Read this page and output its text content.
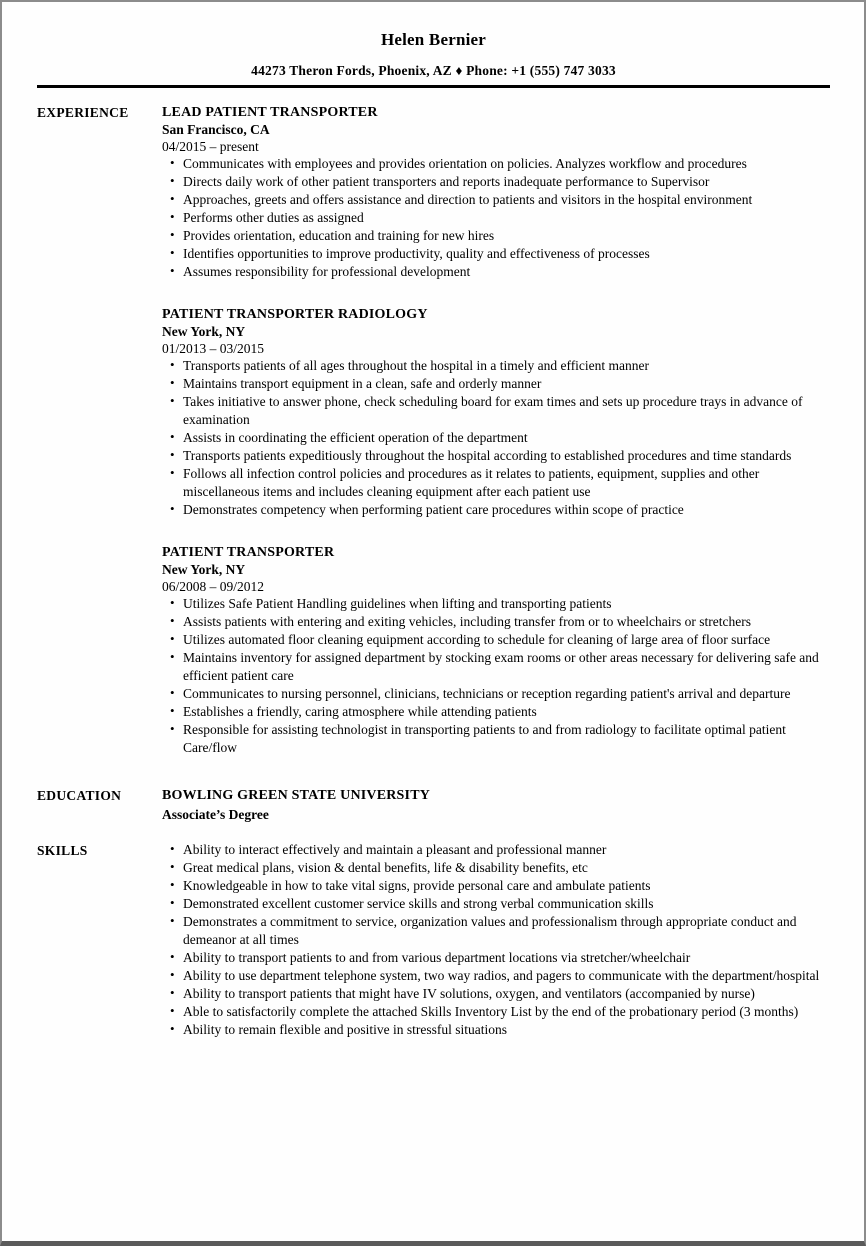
Helen Bernier
44273 Theron Fords, Phoenix, AZ ♦ Phone: +1 (555) 747 3033
EXPERIENCE	LEAD PATIENT TRANSPORTER
San Francisco, CA
04/2015 – present
• Communicates with employees and provides orientation on policies. Analyzes workflow and procedures
• Directs daily work of other patient transporters and reports inadequate performance to Supervisor
• Approaches, greets and offers assistance and direction to patients and visitors in the hospital environment
• Performs other duties as assigned
• Provides orientation, education and training for new hires
• Identifies opportunities to improve productivity, quality and effectiveness of processes
• Assumes responsibility for professional development
PATIENT TRANSPORTER RADIOLOGY
New York, NY
01/2013 – 03/2015
• Transports patients of all ages throughout the hospital in a timely and efficient manner
• Maintains transport equipment in a clean, safe and orderly manner
• Takes initiative to answer phone, check scheduling board for exam times and sets up procedure trays in advance of examination
• Assists in coordinating the efficient operation of the department
• Transports patients expeditiously throughout the hospital according to established procedures and time standards
• Follows all infection control policies and procedures as it relates to patients, equipment, supplies and other miscellaneous items and includes cleaning equipment after each patient use
• Demonstrates competency when performing patient care procedures within scope of practice
PATIENT TRANSPORTER
New York, NY
06/2008 – 09/2012
• Utilizes Safe Patient Handling guidelines when lifting and transporting patients
• Assists patients with entering and exiting vehicles, including transfer from or to wheelchairs or stretchers
• Utilizes automated floor cleaning equipment according to schedule for cleaning of large area of floor surface
• Maintains inventory for assigned department by stocking exam rooms or other areas necessary for delivering safe and efficient patient care
• Communicates to nursing personnel, clinicians, technicians or reception regarding patient's arrival and departure
• Establishes a friendly, caring atmosphere while attending patients
• Responsible for assisting technologist in transporting patients to and from radiology to facilitate optimal patient Care/flow
EDUCATION	BOWLING GREEN STATE UNIVERSITY
Associate’s Degree
SKILLS	• Ability to interact effectively and maintain a pleasant and professional manner
• Great medical plans, vision & dental benefits, life & disability benefits, etc
• Knowledgeable in how to take vital signs, provide personal care and ambulate patients
• Demonstrated excellent customer service skills and strong verbal communication skills
• Demonstrates a commitment to service, organization values and professionalism through appropriate conduct and demeanor at all times
• Ability to transport patients to and from various department locations via stretcher/wheelchair
• Ability to use department telephone system, two way radios, and pagers to communicate with the department/hospital
• Ability to transport patients that might have IV solutions, oxygen, and ventilators (accompanied by nurse)
• Able to satisfactorily complete the attached Skills Inventory List by the end of the probationary period (3 months)
• Ability to remain flexible and positive in stressful situations
